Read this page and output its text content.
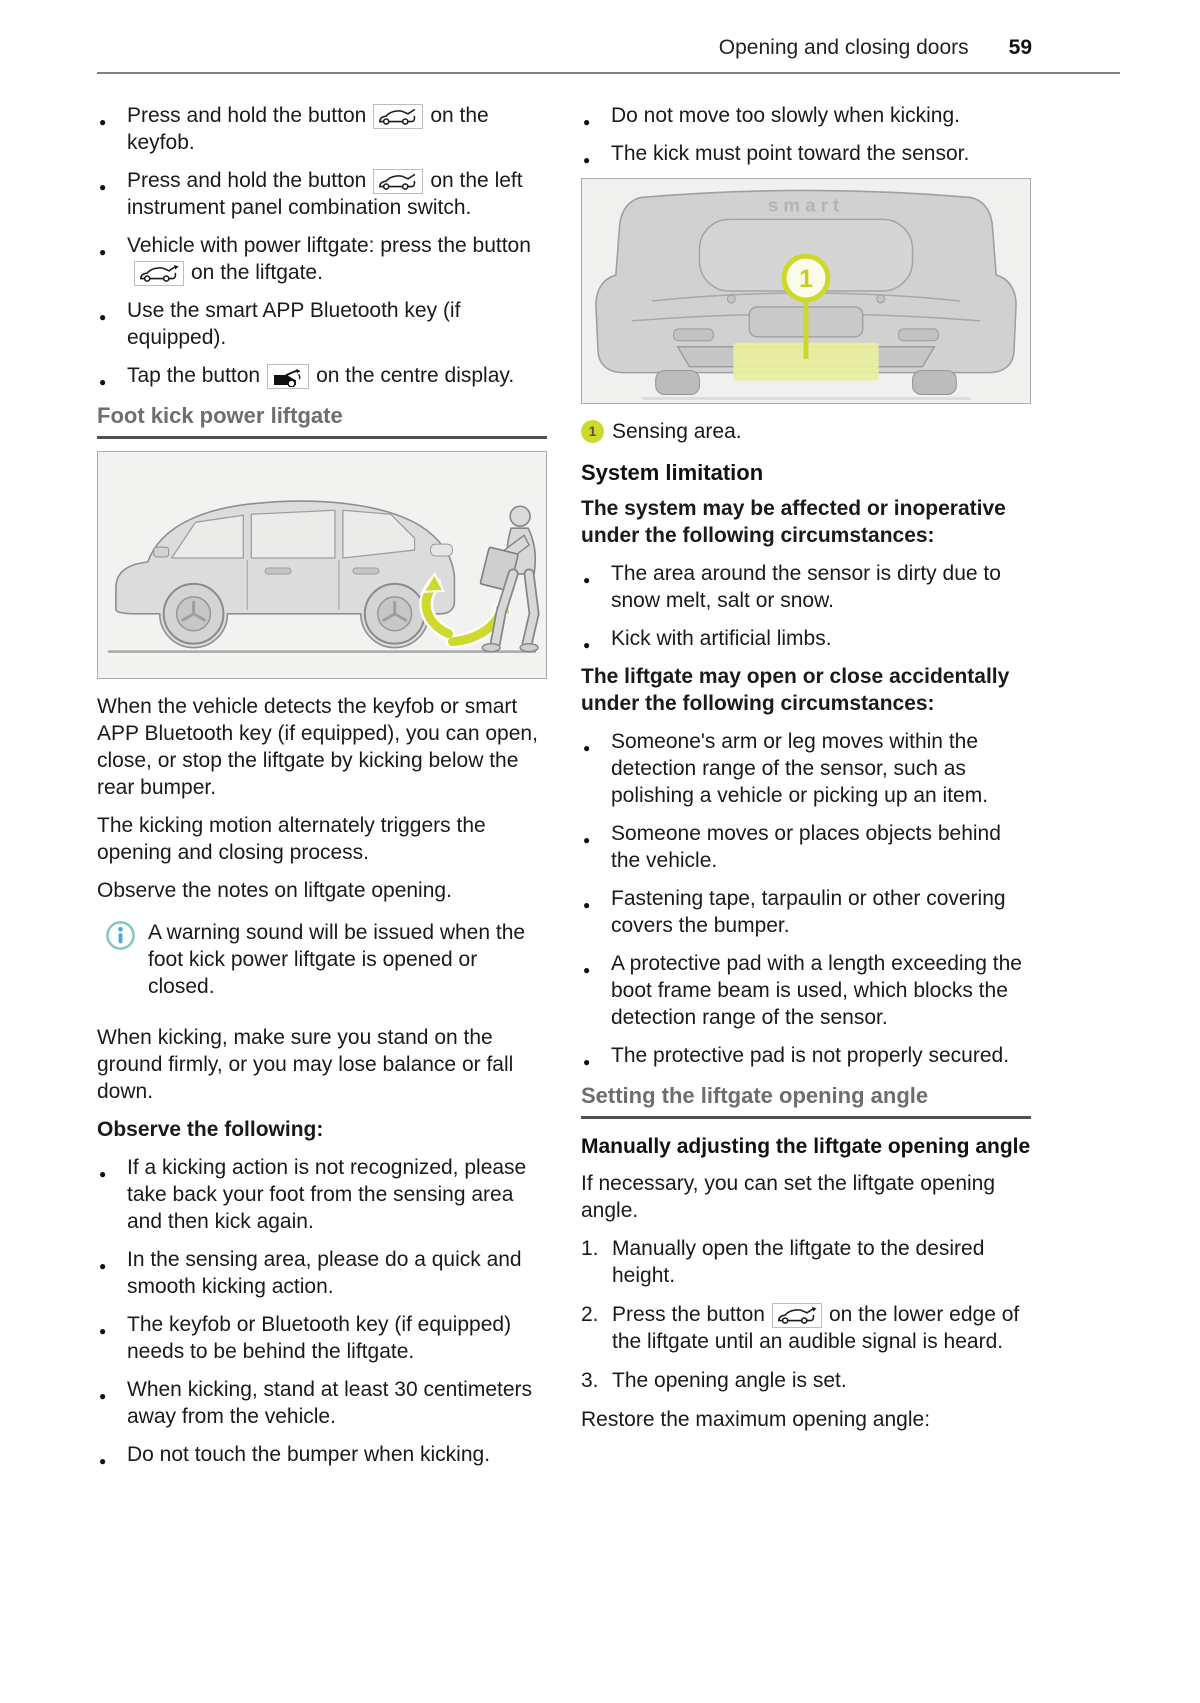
Opening and closing doors 59
● Press and hold the button	on the keyfob.
● Press and hold the button	on the left instrument panel combination switch.
● Vehicle with power liftgate: press the buttonon the liftgate.
● Use the smart APP Bluetooth key (if equipped).
● Tap the button	on the centre display.
Foot kick power liftgate

When the vehicle detects the keyfob or smart APP Bluetooth key (if equipped), you can open, close, or stop the liftgate by kicking below the rear bumper.

The kicking motion alternately triggers the opening and closing process.

Observe the notes on liftgate opening.

A warning sound will be issued when the foot kick power liftgate is opened or closed.

When kicking, make sure you stand on the ground firmly, or you may lose balance or fall down.

Observe the following:

● If a kicking action is not recognized, please take back your foot from the sensing area and then kick again.
● In the sensing area, please do a quick and smooth kicking action.
● The keyfob or Bluetooth key (if equipped) needs to be behind the liftgate.
● When kicking, stand at least 30 centimeters away from the vehicle.
● Do not touch the bumper when kicking.
● Do not move too slowly when kicking.
● The kick must point toward the sensor.
smart
1
1 Sensing area.
System limitation

The system may be affected or inoperative under the following circumstances:

● The area around the sensor is dirty due to snow melt, salt or snow.
● Kick with artificial limbs.

The liftgate may open or close accidentally under the following circumstances:

● Someone's arm or leg moves within the detection range of the sensor, such as polishing a vehicle or picking up an item.
● Someone moves or places objects behind the vehicle.
● Fastening tape, tarpaulin or other covering covers the bumper.
● A protective pad with a length exceeding the boot frame beam is used, which blocks the detection range of the sensor.
● The protective pad is not properly secured.
Setting the liftgate opening angle
Manually adjusting the liftgate opening angle

If necessary, you can set the liftgate opening angle.

1. Manually open the liftgate to the desired height.
2. Press the button	on the lower edge of the liftgate until an audible signal is heard.
3. The opening angle is set.

Restore the maximum opening angle:
